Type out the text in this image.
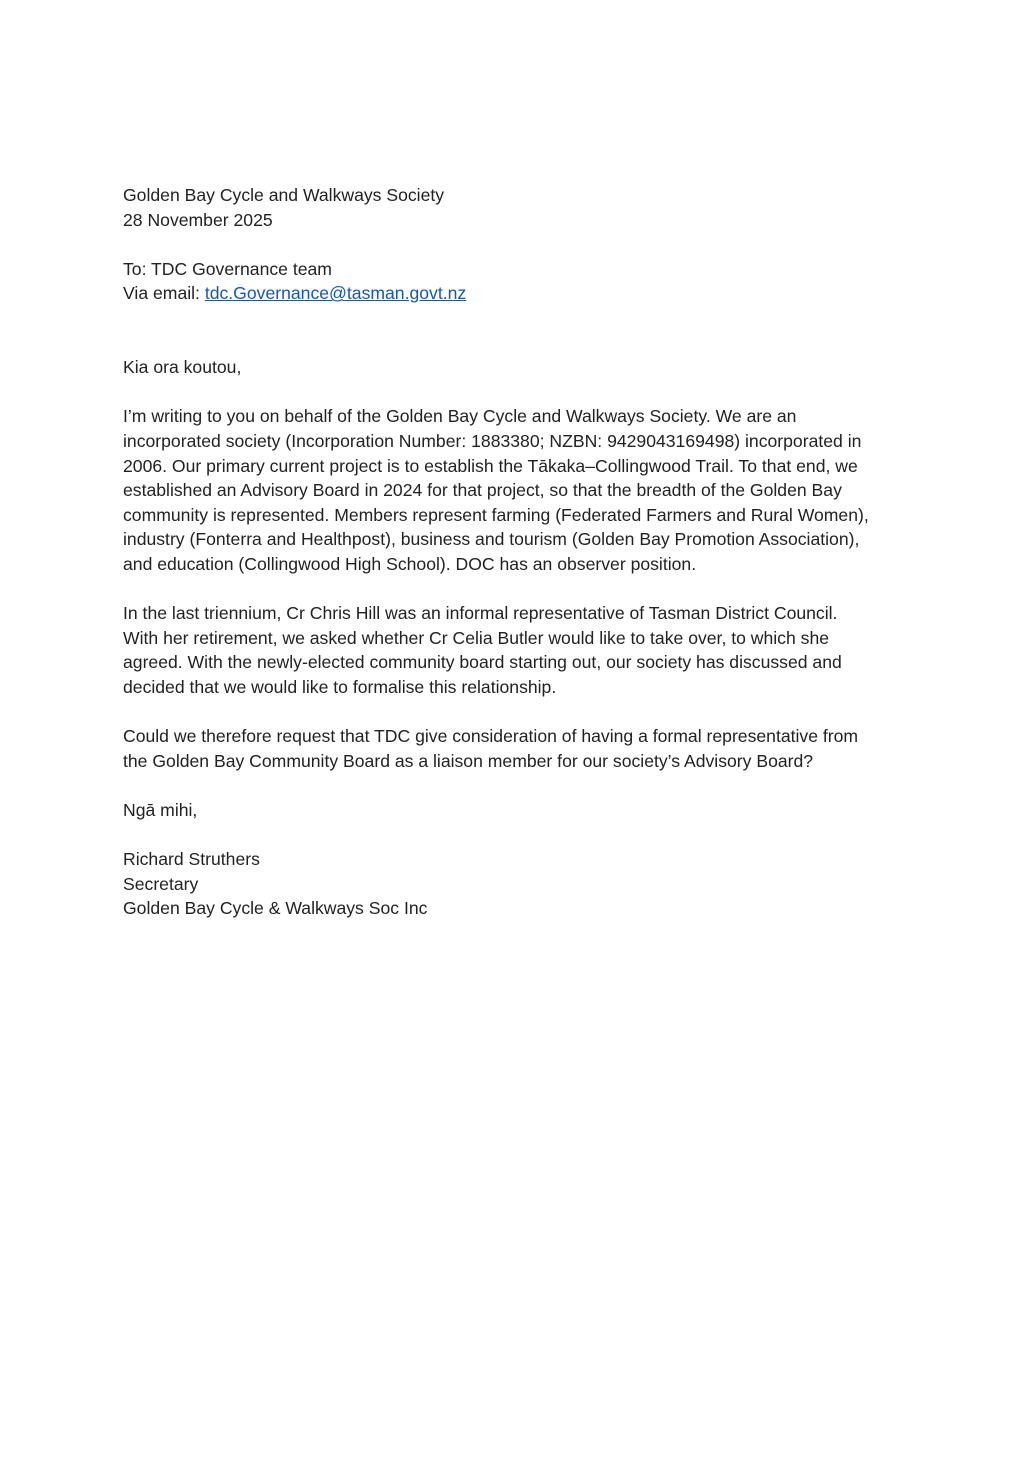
Golden Bay Cycle and Walkways Society
28 November 2025
To: TDC Governance team
Via email: tdc.Governance@tasman.govt.nz
Kia ora koutou,
I’m writing to you on behalf of the Golden Bay Cycle and Walkways Society. We are an
incorporated society (Incorporation Number: 1883380; NZBN: 9429043169498) incorporated in
2006. Our primary current project is to establish the Tākaka–Collingwood Trail. To that end, we
established an Advisory Board in 2024 for that project, so that the breadth of the Golden Bay
community is represented. Members represent farming (Federated Farmers and Rural Women),
industry (Fonterra and Healthpost), business and tourism (Golden Bay Promotion Association),
and education (Collingwood High School). DOC has an observer position.
In the last triennium, Cr Chris Hill was an informal representative of Tasman District Council.
With her retirement, we asked whether Cr Celia Butler would like to take over, to which she
agreed. With the newly-elected community board starting out, our society has discussed and
decided that we would like to formalise this relationship.
Could we therefore request that TDC give consideration of having a formal representative from
the Golden Bay Community Board as a liaison member for our society’s Advisory Board?
Ngā mihi,
Richard Struthers
Secretary
Golden Bay Cycle & Walkways Soc Inc
